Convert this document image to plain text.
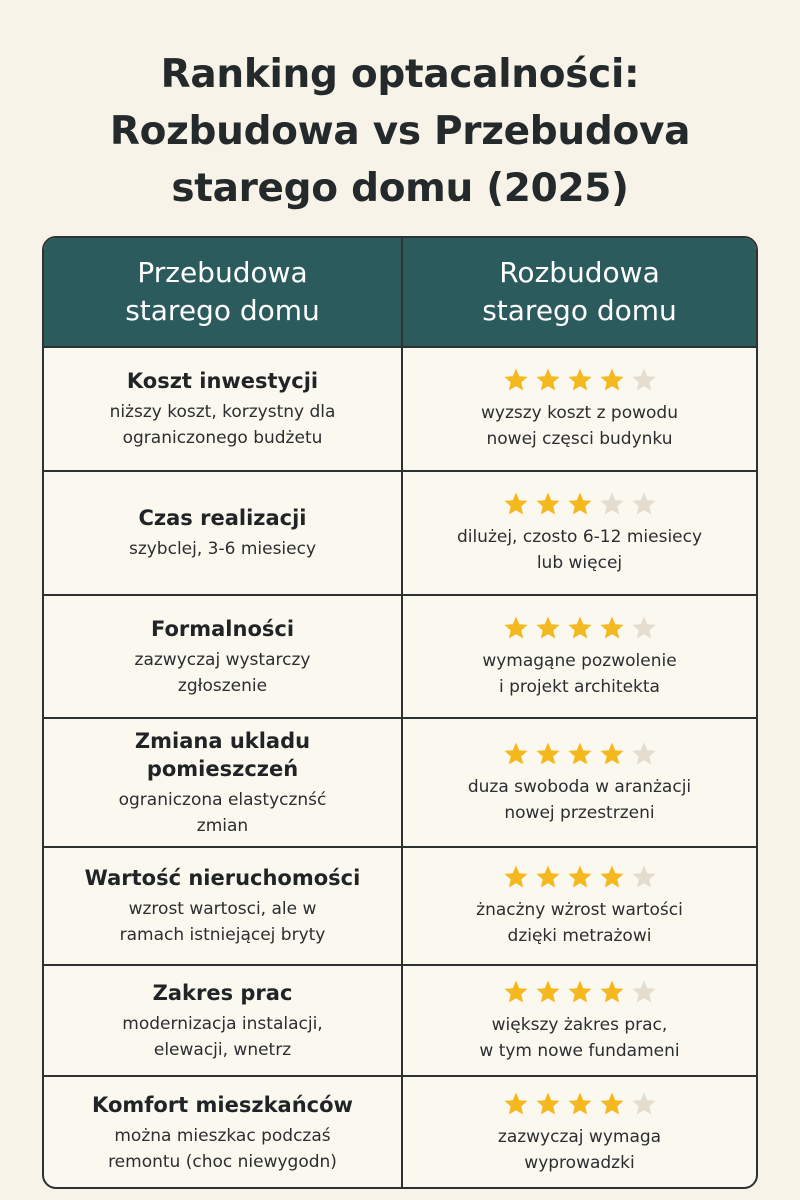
Ranking optacalności:
Rozbudowa vs Przebudova
starego domu (2025)
Przebudowa
starego domu
Rozbudowa
starego domu
Koszt inwestycji
niższy koszt, korzystny dla
ograniczonego budżetu
wyzszy koszt z powodu
nowej częsci budynku
Czas realizacji
szybclej, 3-6 miesiecy
dilużej, czosto 6-12 miesiecy
lub więcej
Formalności
zazwyczaj wystarczy
zgłoszenie
wymagąne pozwolenie
i projekt architekta
Zmiana ukladu
pomieszczeń
ograniczona elastycznść
zmian
duza swoboda w aranżacji
nowej przestrzeni
Wartość nieruchomości
wzrost wartosci, ale w
ramach istniejącej bryty
żnacżny wżrost wartości
dzięki metrażowi
Zakres prac
modernizacja instalacji,
elewacji, wnetrz
większy żakres prac,
w tym nowe fundameni
Komfort mieszkańców
można mieszkac podczaś
remontu (choc niewygodn)
zazwyczaj wymaga
wyprowadzki
